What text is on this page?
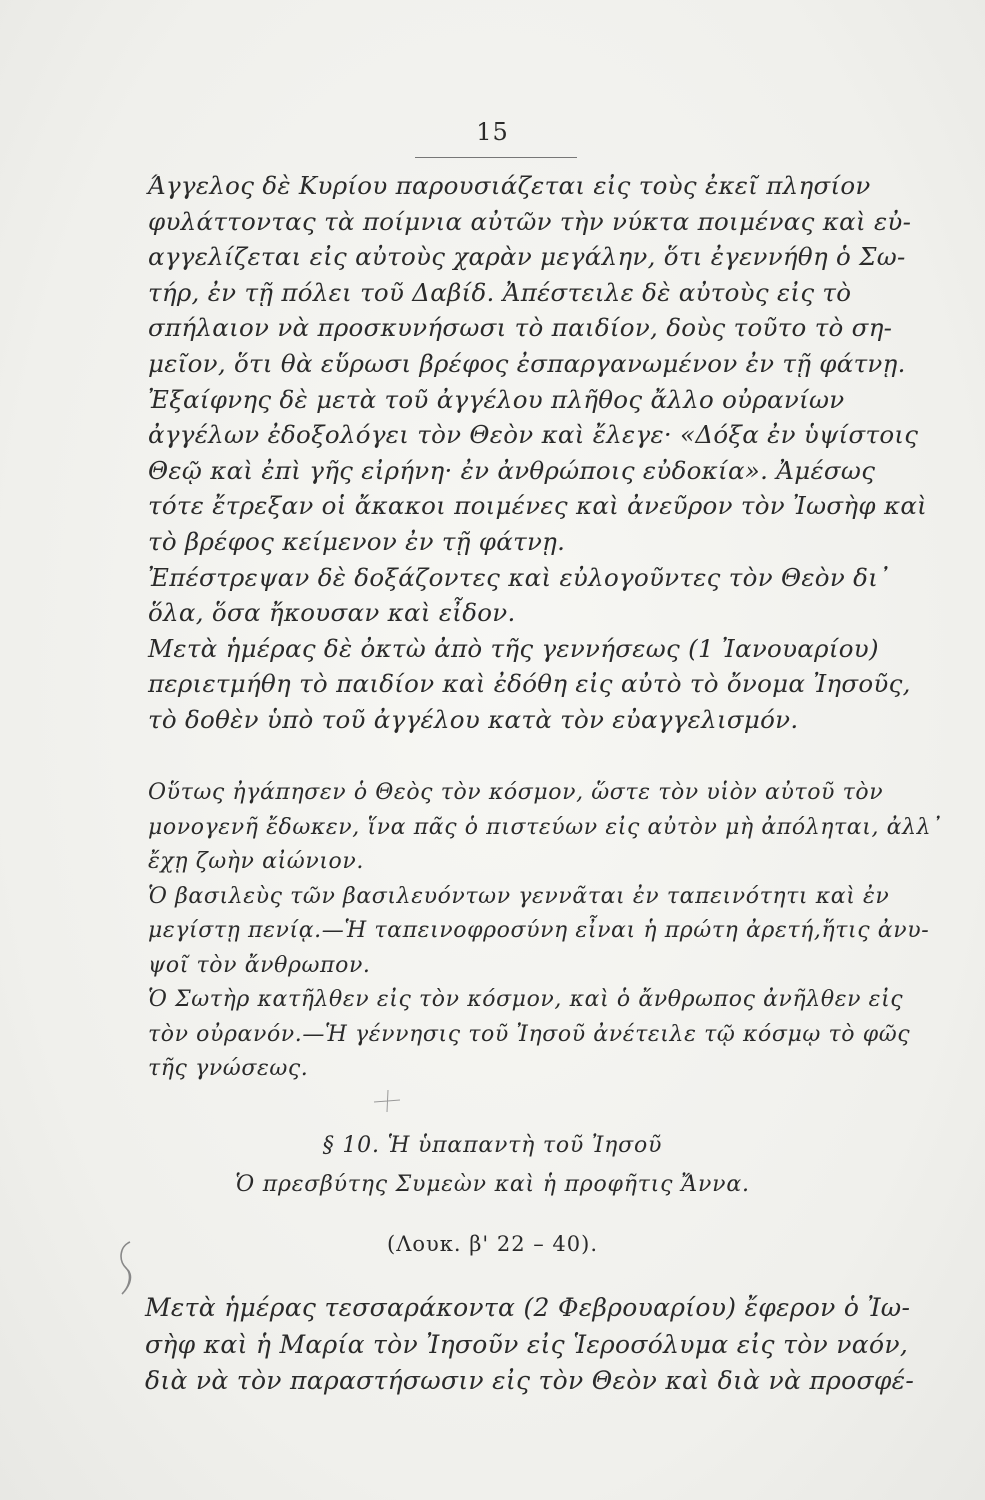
15

Άγγελος δὲ Κυρίου παρουσιάζεται εἰς τοὺς ἐκεῖ πλησίον
φυλάττοντας τὰ ποίμνια αὐτῶν τὴν νύκτα ποιμένας καὶ εὐ-
αγγελίζεται εἰς αὐτοὺς χαρὰν μεγάλην, ὅτι ἐγεννήθη ὁ Σω-
τήρ, ἐν τῇ πόλει τοῦ Δαβίδ. Ἀπέστειλε δὲ αὐτοὺς εἰς τὸ
σπήλαιον νὰ προσκυνήσωσι τὸ παιδίον, δοὺς τοῦτο τὸ ση-
μεῖον, ὅτι θὰ εὕρωσι βρέφος ἐσπαργανωμένον ἐν τῇ φάτνῃ.

Ἐξαίφνης δὲ μετὰ τοῦ ἀγγέλου πλῆθος ἄλλο οὐρανίων
ἀγγέλων ἐδοξολόγει τὸν Θεὸν καὶ ἔλεγε· «Δόξα ἐν ὑψίστοις
Θεῷ καὶ ἐπὶ γῆς εἰρήνη· ἐν ἀνθρώποις εὐδοκία». Ἀμέσως
τότε ἔτρεξαν οἱ ἄκακοι ποιμένες καὶ ἀνεῦρον τὸν Ἰωσὴφ καὶ
τὸ βρέφος κείμενον ἐν τῇ φάτνῃ.

Ἐπέστρεψαν δὲ δοξάζοντες καὶ εὐλογοῦντες τὸν Θεὸν δι᾽
ὅλα, ὅσα ἤκουσαν καὶ εἶδον.

Μετὰ ἡμέρας δὲ ὀκτὼ ἀπὸ τῆς γεννήσεως (1 Ἰανουαρίου)
περιετμήθη τὸ παιδίον καὶ ἐδόθη εἰς αὐτὸ τὸ ὄνομα Ἰησοῦς,
τὸ δοθὲν ὑπὸ τοῦ ἀγγέλου κατὰ τὸν εὐαγγελισμόν.

Οὕτως ἠγάπησεν ὁ Θεὸς τὸν κόσμον, ὥστε τὸν υἱὸν αὐτοῦ τὸν
μονογενῆ ἔδωκεν, ἵνα πᾶς ὁ πιστεύων εἰς αὐτὸν μὴ ἀπόληται, ἀλλ᾽
ἔχῃ ζωὴν αἰώνιον.

Ὁ βασιλεὺς τῶν βασιλευόντων γεννᾶται ἐν ταπεινότητι καὶ ἐν
μεγίστῃ πενίᾳ.—Ἡ ταπεινοφροσύνη εἶναι ἡ πρώτη ἀρετή,ἥτις ἀνυ-
ψοῖ τὸν ἄνθρωπον.

Ὁ Σωτὴρ κατῆλθεν εἰς τὸν κόσμον, καὶ ὁ ἄνθρωπος ἀνῆλθεν εἰς
τὸν οὐρανόν.—Ἡ γέννησις τοῦ Ἰησοῦ ἀνέτειλε τῷ κόσμῳ τὸ φῶς
τῆς γνώσεως.

§ 10. Ἡ ὑπαπαντὴ τοῦ Ἰησοῦ
Ὁ πρεσβύτης Συμεὼν καὶ ἡ προφῆτις Ἄννα.
(Λουκ. β' 22 – 40).
Μετὰ ἡμέρας τεσσαράκοντα (2 Φεβρουαρίου) ἔφερον ὁ Ἰω-
σὴφ καὶ ἡ Μαρία τὸν Ἰησοῦν εἰς Ἱεροσόλυμα εἰς τὸν ναόν,
διὰ νὰ τὸν παραστήσωσιν εἰς τὸν Θεὸν καὶ διὰ νὰ προσφέ-
